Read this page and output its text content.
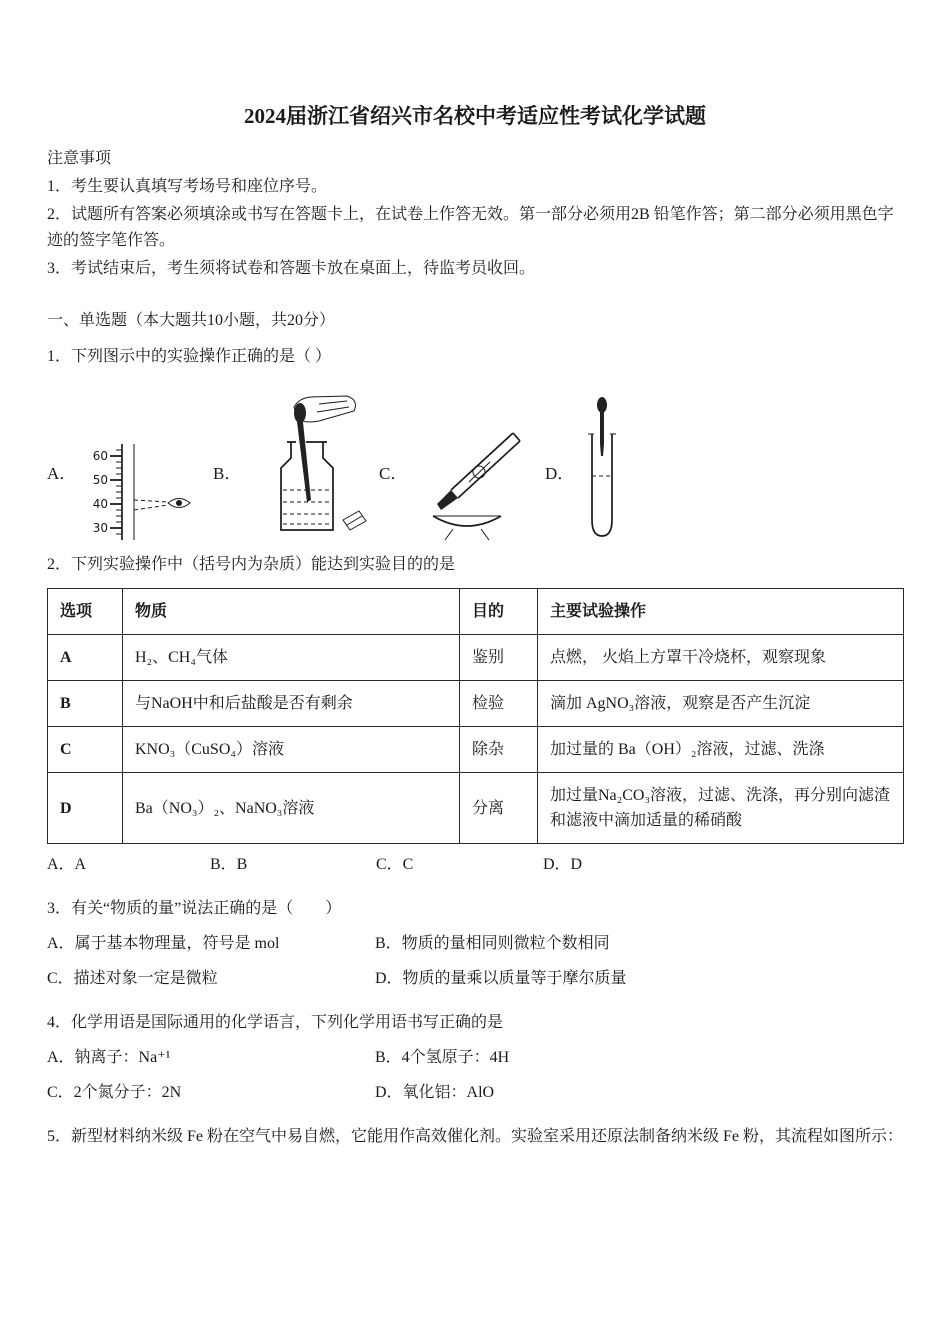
2024届浙江省绍兴市名校中考适应性考试化学试题
注意事项

1．考生要认真填写考场号和座位序号。

2．试题所有答案必须填涂或书写在答题卡上，在试卷上作答无效。第一部分必须用2B 铅笔作答；第二部分必须用黑色字迹的签字笔作答。

3．考试结束后，考生须将试卷和答题卡放在桌面上，待监考员收回。

一、单选题（本大题共10小题，共20分）

1．下列图示中的实验操作正确的是（ ）

A．
60
50
40
30
B．	C．	D．

2．下列实验操作中（括号内为杂质）能达到实验目的的是

选项	物质	目的	主要试验操作
A	H₂、CH₄气体	鉴别	点燃， 火焰上方罩干冷烧杯，观察现象
B	与NaOH中和后盐酸是否有剩余	检验	滴加 AgNO₃溶液，观察是否产生沉淀
C	KNO₃（CuSO₄）溶液	除杂	加过量的 Ba（OH）₂溶液，过滤、洗涤
D	Ba（NO₃）₂、NaNO₃溶液	分离	加过量Na₂CO₃溶液，过滤、洗涤，再分别向滤渣和滤液中滴加适量的稀硝酸
A．A	B．B	C．C	D．D

3．有关“物质的量”说法正确的是（　　）

A．属于基本物理量，符号是 mol	B．物质的量相同则微粒个数相同
C．描述对象一定是微粒	D．物质的量乘以质量等于摩尔质量

4．化学用语是国际通用的化学语言，下列化学用语书写正确的是

A．钠离子：Na⁺¹	B．4个氢原子：4H
C．2个氮分子：2N	D．氧化铝：AlO

5．新型材料纳米级 Fe 粉在空气中易自燃，它能用作高效催化剂。实验室采用还原法制备纳米级 Fe 粉，其流程如图所示：
